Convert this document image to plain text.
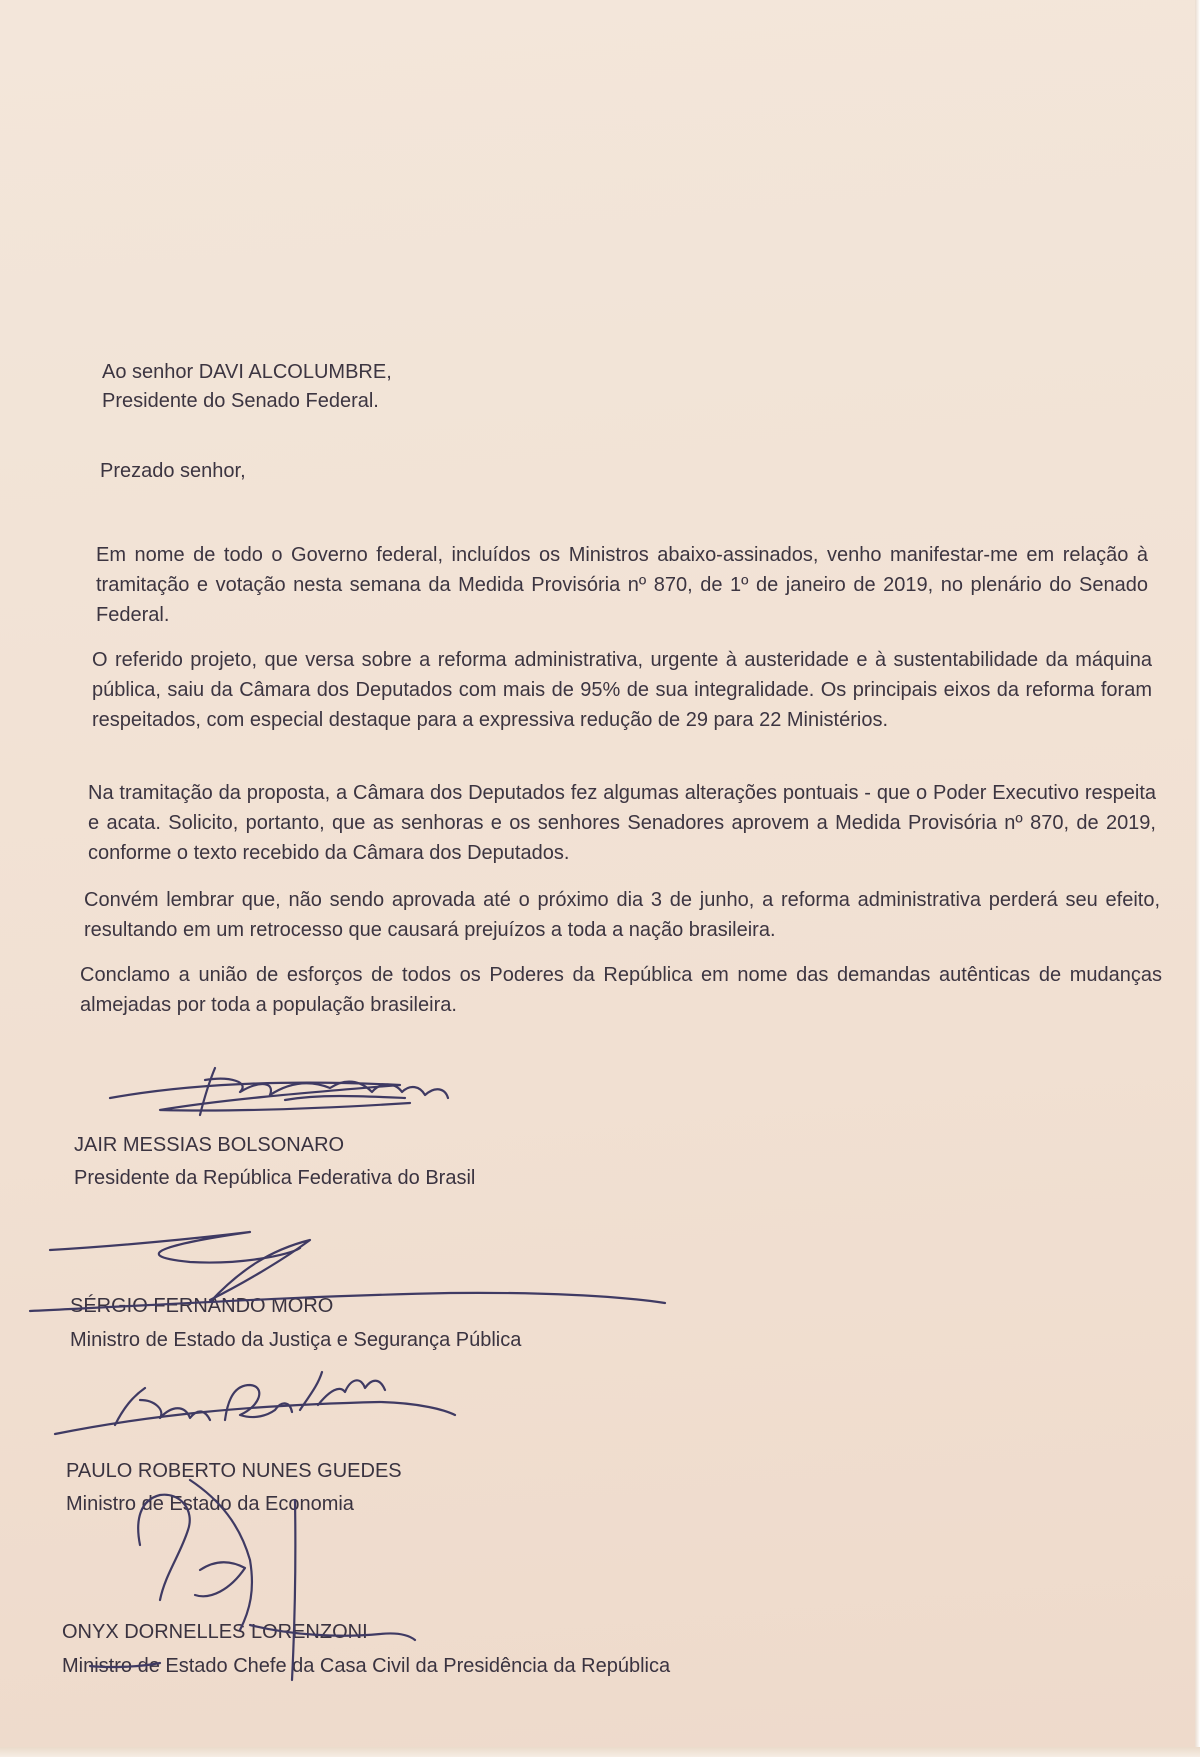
Ao senhor DAVI ALCOLUMBRE,
Presidente do Senado Federal.
Prezado senhor,
Em nome de todo o Governo federal, incluídos os Ministros abaixo-assinados, venho manifestar-me em relação à tramitação e votação nesta semana da Medida Provisória nº 870, de 1º de janeiro de 2019, no plenário do Senado Federal.
O referido projeto, que versa sobre a reforma administrativa, urgente à austeridade e à sustentabilidade da máquina pública, saiu da Câmara dos Deputados com mais de 95% de sua integralidade. Os principais eixos da reforma foram respeitados, com especial destaque para a expressiva redução de 29 para 22 Ministérios.
Na tramitação da proposta, a Câmara dos Deputados fez algumas alterações pontuais - que o Poder Executivo respeita e acata. Solicito, portanto, que as senhoras e os senhores Senadores aprovem a Medida Provisória nº 870, de 2019, conforme o texto recebido da Câmara dos Deputados.
Convém lembrar que, não sendo aprovada até o próximo dia 3 de junho, a reforma administrativa perderá seu efeito, resultando em um retrocesso que causará prejuízos a toda a nação brasileira.
Conclamo a união de esforços de todos os Poderes da República em nome das demandas autênticas de mudanças almejadas por toda a população brasileira.
JAIR MESSIAS BOLSONARO
Presidente da República Federativa do Brasil
SÉRGIO FERNANDO MORO
Ministro de Estado da Justiça e Segurança Pública
PAULO ROBERTO NUNES GUEDES
Ministro de Estado da Economia
ONYX DORNELLES LORENZONI
Ministro de Estado Chefe da Casa Civil da Presidência da República
